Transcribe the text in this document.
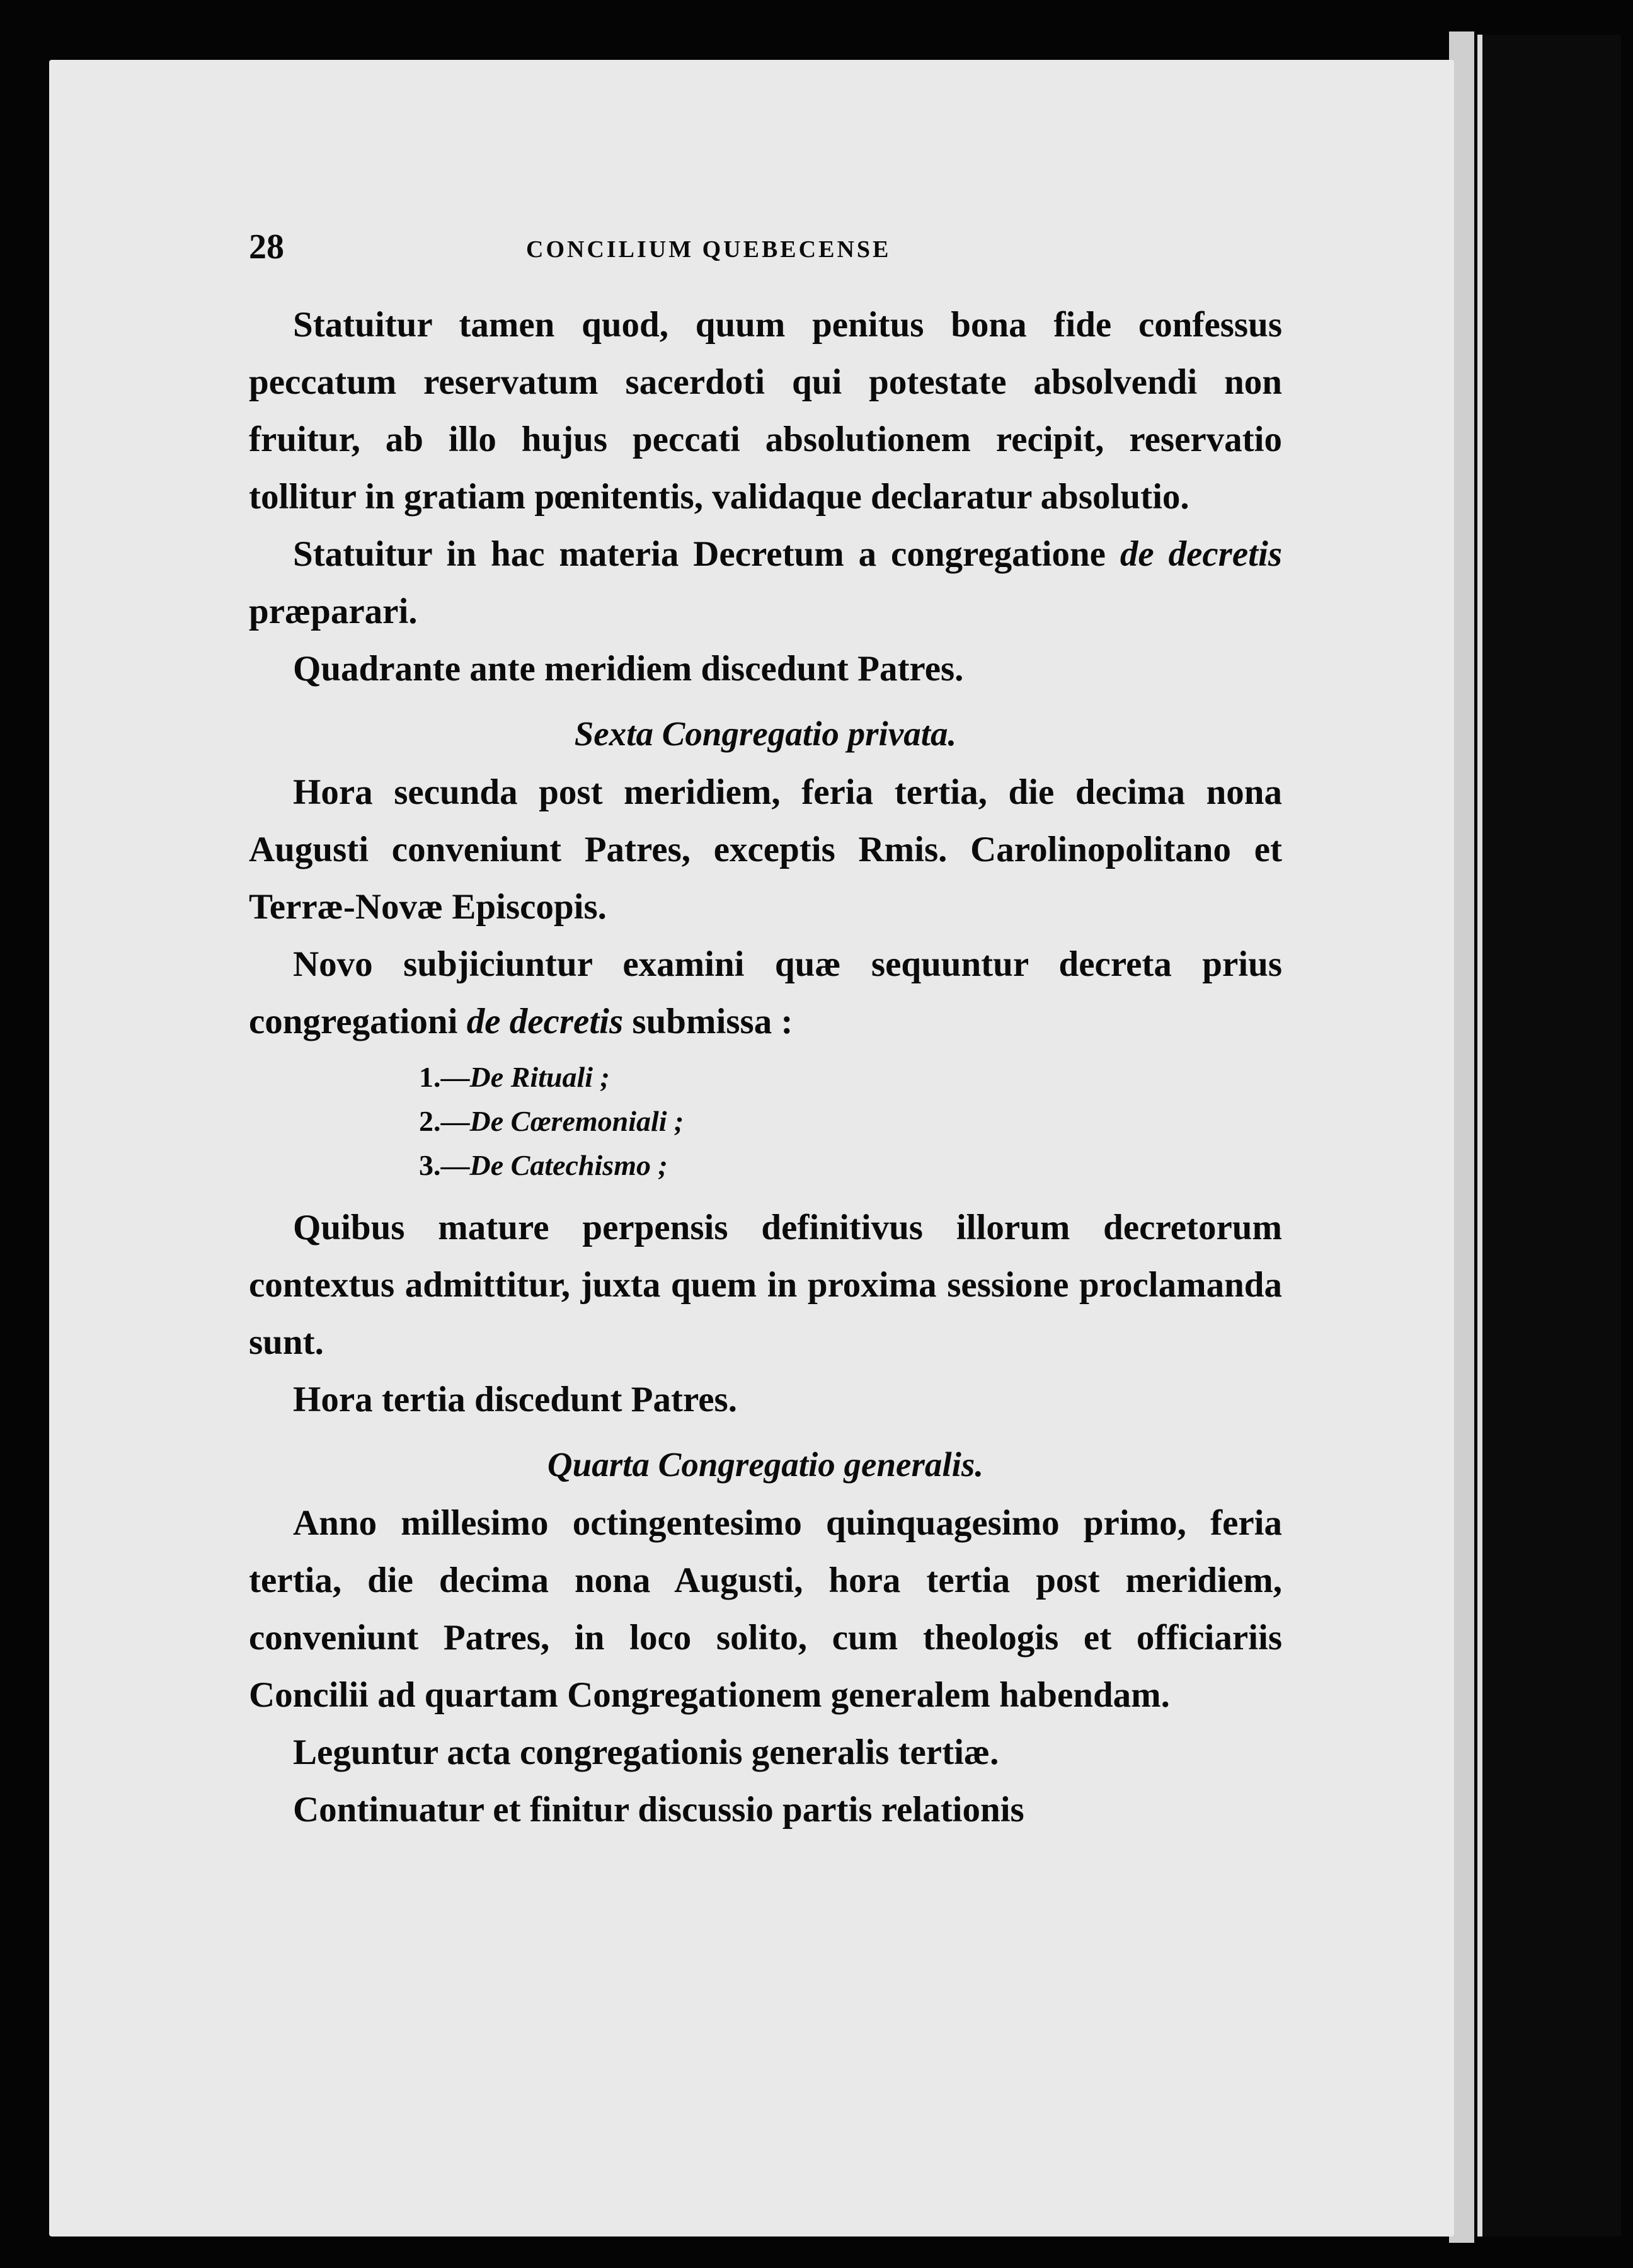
28	CONCILIUM QUEBECENSE

Statuitur tamen quod, quum penitus bona fide confessus peccatum reservatum sacerdoti qui potestate absolvendi non fruitur, ab illo hujus peccati absolutionem recipit, reservatio tollitur in gratiam pœnitentis, validaque declaratur absolutio.

Statuitur in hac materia Decretum a congregatione de decretis præparari.

Quadrante ante meridiem discedunt Patres.

Sexta Congregatio privata.

Hora secunda post meridiem, feria tertia, die decima nona Augusti conveniunt Patres, exceptis Rmis. Carolinopolitano et Terræ-Novæ Episcopis.

Novo subjiciuntur examini quæ sequuntur decreta prius congregationi de decretis submissa :

1.—De Rituali ;
2.—De Cœremoniali ;
3.—De Catechismo ;

Quibus mature perpensis definitivus illorum decretorum contextus admittitur, juxta quem in proxima sessione proclamanda sunt.

Hora tertia discedunt Patres.

Quarta Congregatio generalis.

Anno millesimo octingentesimo quinquagesimo primo, feria tertia, die decima nona Augusti, hora tertia post meridiem, conveniunt Patres, in loco solito, cum theologis et officiariis Concilii ad quartam Congregationem generalem habendam.

Leguntur acta congregationis generalis tertiæ.

Continuatur et finitur discussio partis relationis
